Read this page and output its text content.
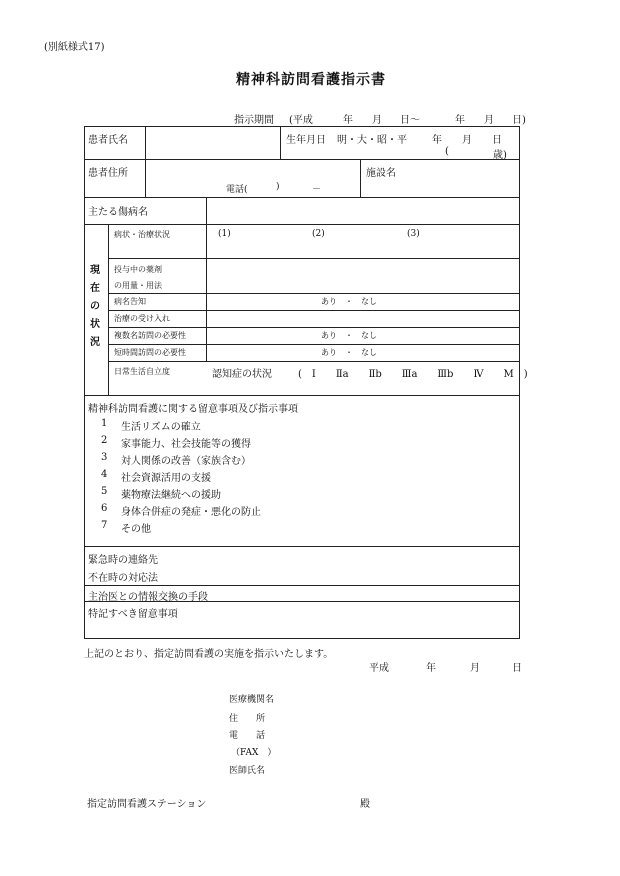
(別紙様式17)
精神科訪問看護指示書
指示期間 (平成	年 月 日～	年 月 日)
患者氏名	生年月日 明・大・昭・平	年 月 日
(	歳)
患者住所
電話(	)	－
施設名
主たる傷病名
現
在
の
状
況
病状・治療状況	(1)	(2)	(3)
投与中の薬剤
の用量・用法
病名告知	あり　・　なし
治療の受け入れ
複数名訪問の必要性	あり　・　なし
短時間訪問の必要性	あり　・　なし
日常生活自立度	認知症の状況	(　Ⅰ　　Ⅱa　　Ⅱb　　Ⅲa　　Ⅲb　　Ⅳ　　M　)
精神科訪問看護に関する留意事項及び指示事項
1 生活リズムの確立
2 家事能力、社会技能等の獲得
3 対人関係の改善（家族含む）
4 社会資源活用の支援
5 薬物療法継続への援助
6 身体合併症の発症・悪化の防止
7 その他
緊急時の連絡先
不在時の対応法
主治医との情報交換の手段
特記すべき留意事項
上記のとおり、指定訪問看護の実施を指示いたします。
平成	年	月	日
医療機関名
住　　所
電　　話
（FAX　）
医師氏名
指定訪問看護ステーション	殿
